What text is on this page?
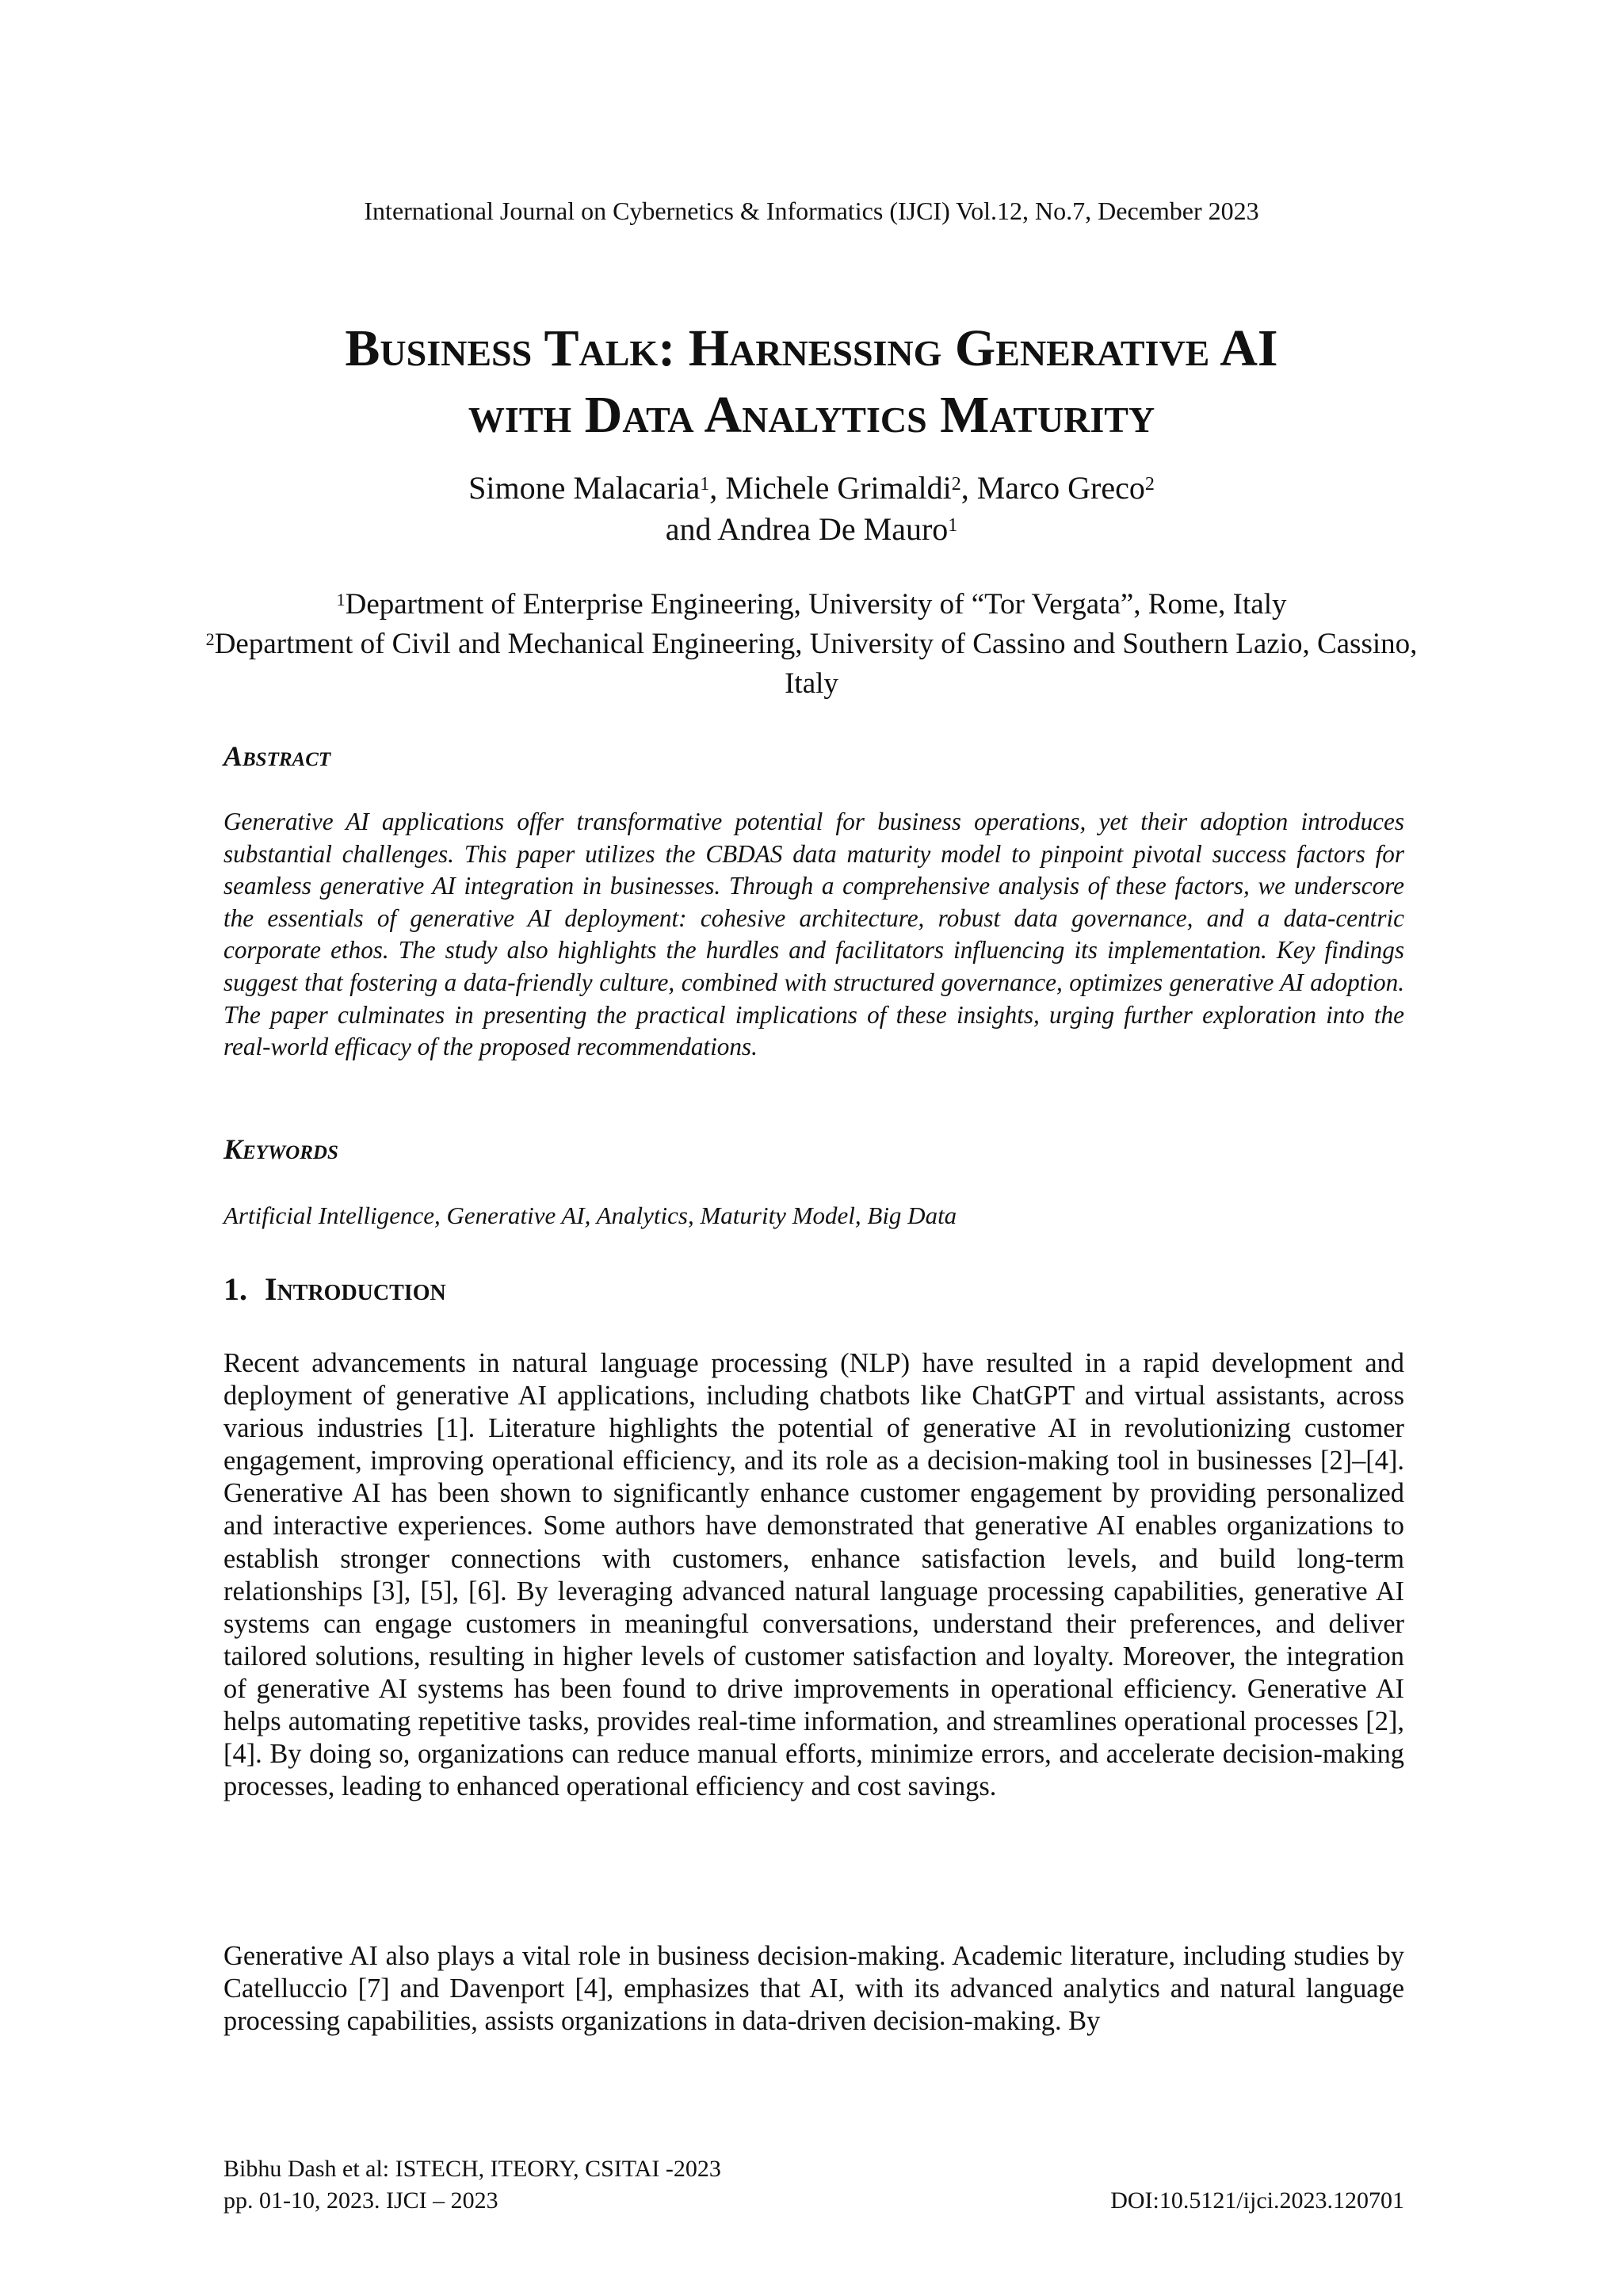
International Journal on Cybernetics & Informatics (IJCI) Vol.12, No.7, December 2023
Business Talk: Harnessing Generative AI
with Data Analytics Maturity
Simone Malacaria$^1$, Michele Grimaldi$^2$, Marco Greco$^2$
and Andrea De Mauro$^1$
$^1$Department of Enterprise Engineering, University of “Tor Vergata”, Rome, Italy
$^2$Department of Civil and Mechanical Engineering, University of Cassino and Southern Lazio, Cassino, Italy
Abstract

Generative AI applications offer transformative potential for business operations, yet their adoption introduces substantial challenges. This paper utilizes the CBDAS data maturity model to pinpoint pivotal success factors for seamless generative AI integration in businesses. Through a comprehensive analysis of these factors, we underscore the essentials of generative AI deployment: cohesive architecture, robust data governance, and a data-centric corporate ethos. The study also highlights the hurdles and facilitators influencing its implementation. Key findings suggest that fostering a data-friendly culture, combined with structured governance, optimizes generative AI adoption. The paper culminates in presenting the practical implications of these insights, urging further exploration into the real-world efficacy of the proposed recommendations.

Keywords

Artificial Intelligence, Generative AI, Analytics, Maturity Model, Big Data

1. Introduction

Recent advancements in natural language processing (NLP) have resulted in a rapid development and deployment of generative AI applications, including chatbots like ChatGPT and virtual assistants, across various industries [1]. Literature highlights the potential of generative AI in revolutionizing customer engagement, improving operational efficiency, and its role as a decision-making tool in businesses [2]–[4]. Generative AI has been shown to significantly enhance customer engagement by providing personalized and interactive experiences. Some authors have demonstrated that generative AI enables organizations to establish stronger connections with customers, enhance satisfaction levels, and build long-term relationships [3], [5], [6]. By leveraging advanced natural language processing capabilities, generative AI systems can engage customers in meaningful conversations, understand their preferences, and deliver tailored solutions, resulting in higher levels of customer satisfaction and loyalty. Moreover, the integration of generative AI systems has been found to drive improvements in operational efficiency. Generative AI helps automating repetitive tasks, provides real-time information, and streamlines operational processes [2], [4]. By doing so, organizations can reduce manual efforts, minimize errors, and accelerate decision-making processes, leading to enhanced operational efficiency and cost savings.

Generative AI also plays a vital role in business decision-making. Academic literature, including studies by Catelluccio [7] and Davenport [4], emphasizes that AI, with its advanced analytics and natural language processing capabilities, assists organizations in data-driven decision-making. By

Bibhu Dash et al: ISTECH, ITEORY, CSITAI -2023
pp. 01-10, 2023. IJCI – 2023	DOI:10.5121/ijci.2023.120701
